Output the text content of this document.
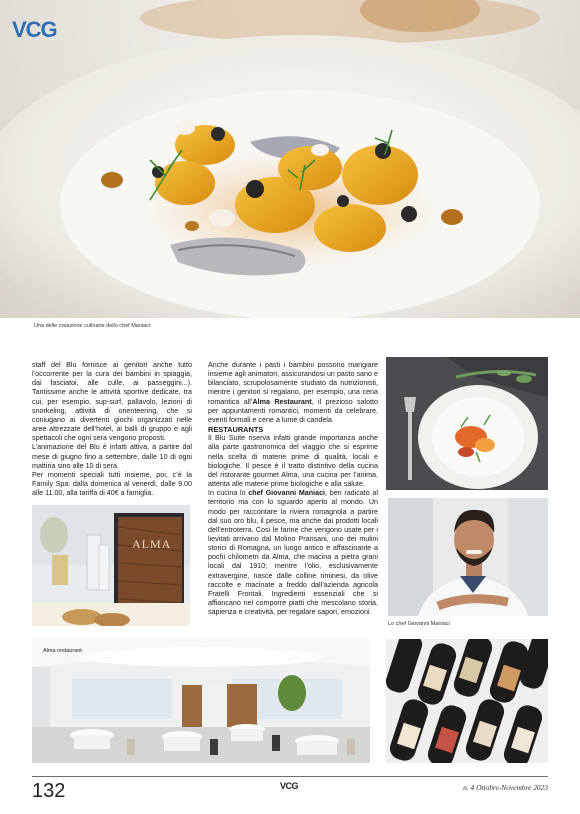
VCG
Una delle creazione culinarie dello chef Maniaci

staff del Blu fornisce ai genitori anche tutto l’occorrente per la cura dei bambini in spiaggia, dai fasciatoi, alle culle, ai passeggini...). Tantissime anche le attività sportive dedicate, tra cui, per esempio, sup-surf, pallavolo, lezioni di snorkeling, attività di orienteering, che si coniugano ai divertenti giochi organizzati nelle aree attrezzate dell’hotel, ai balli di gruppo e agli spettacoli che ogni sera vengono proposti.

L’animazione del Blu è infatti attiva, a partire dal mese di giugno fino a settembre, dalle 10 di ogni mattina sino alle 10 di sera.

Per momenti speciali tutti insieme, poi, c’è la Family Spa: dalla domenica al venerdì, dalle 9.00 alle 11.00, alla tariffa di 40€ a famiglia.

Anche durante i pasti i bambini possono mangiare insieme agli animatori, assicurandosi un pasto sano e bilanciato, scrupolosamente studiato da nutrizionisti, mentre i genitori si regalano, per esempio, una cena romantica all’Alma Restaurant, il prezioso salotto per appuntamenti romantici, momenti da celebrare, eventi formali e cene a lume di candela.

RESTAURANTS

Il Blu Suite riserva infatti grande importanza anche alla parte gastronomica del viaggio che si esprime nella scelta di materie prime di qualità, locali e biologiche. Il pesce è il tratto distintivo della cucina del ristorante gourmet Alma, una cucina per l’anima, attenta alle materie prime biologiche e alla salute.

In cucina lo chef Giovanni Maniaci, ben radicato al territorio ma con lo sguardo aperto al mondo. Un modo per raccontare la riviera romagnola a partire dal suo oro blu, il pesce, ma anche dai prodotti locali dell’entroterra. Così le farine che vengono usate per i lievitati arrivano dal Molino Pransani, uno dei mulini storici di Romagna, un luogo antico e affascinante a pochi chilometri da Alma, che macina a pietra grani locali dal 1910; mentre l’olio, esclusivamente extravergine, nasce dalle colline riminesi, da olive raccolte e macinate a freddo dall’azienda agricola Fratelli Frontali. Ingredienti essenziali che si affiancano nel comporre piatti che mescolano storia, sapienza e creatività, per regalare sapori, emozioni

ALMA
Lo chef Giovanni Maniaci
Alma restaurant
132	VCG	n. 4 Ottobre-Novembre 2023
